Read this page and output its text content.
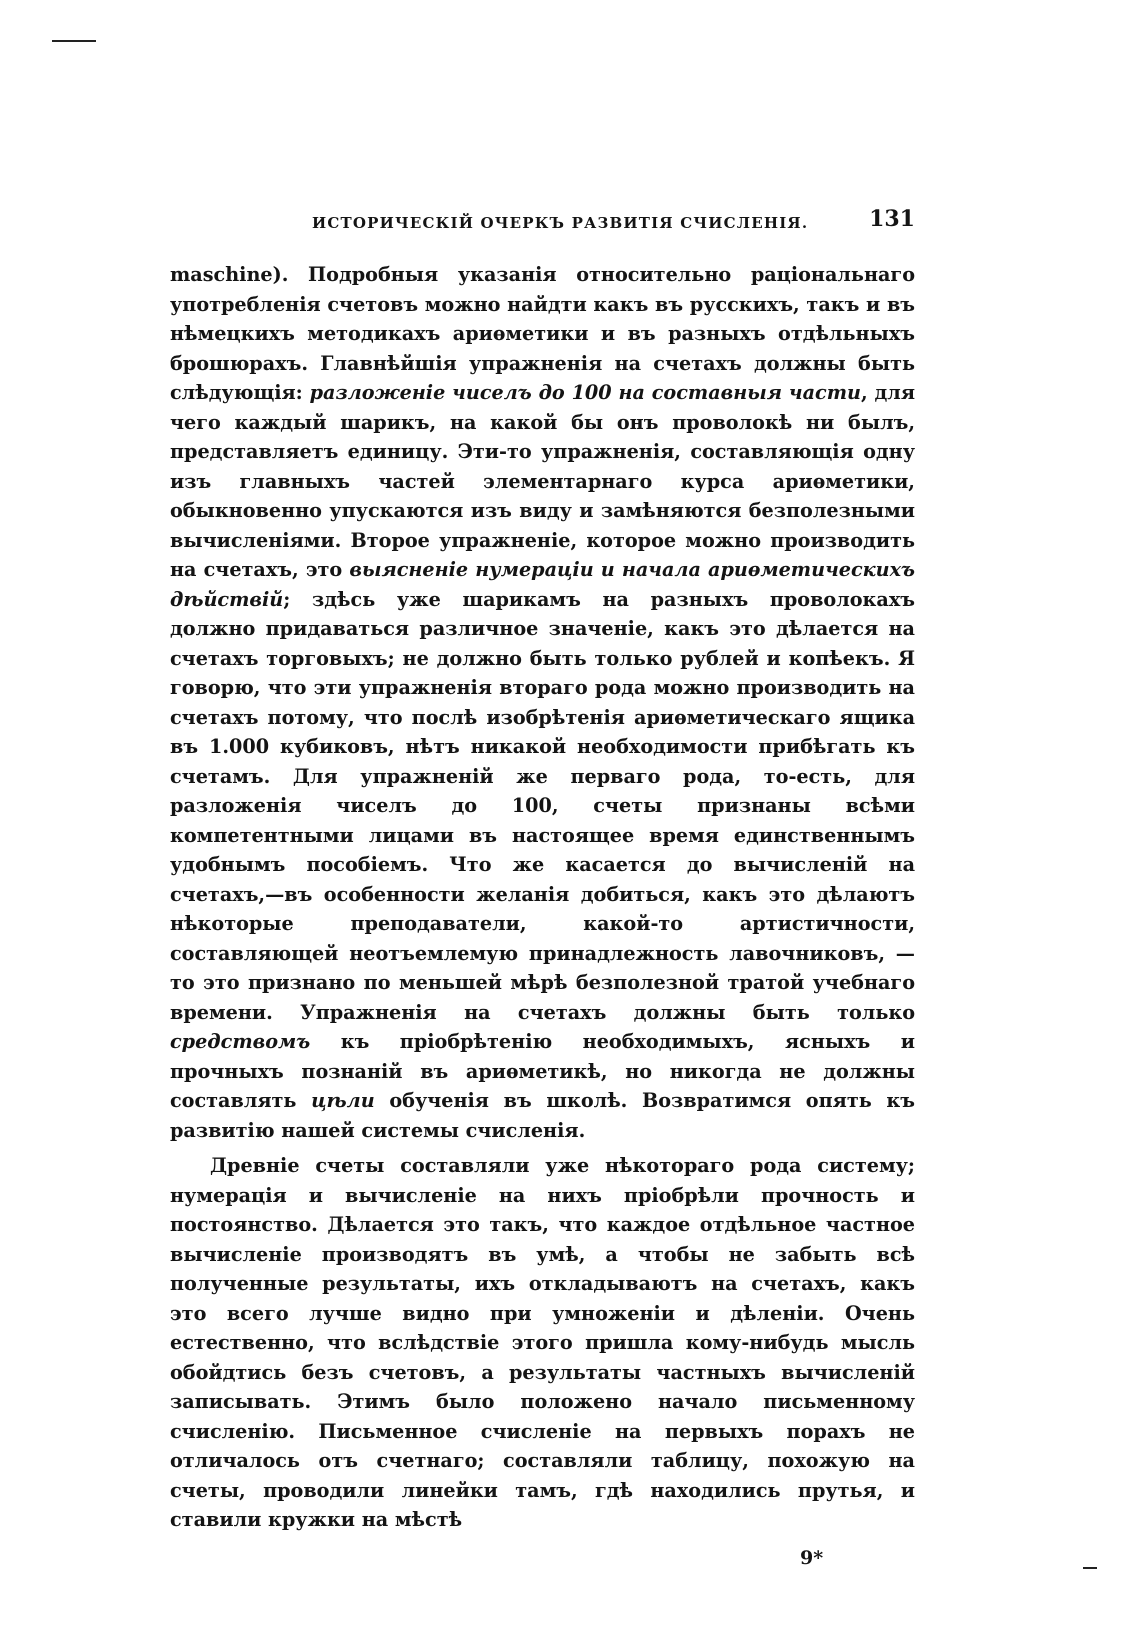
ИСТОРИЧЕСКІЙ ОЧЕРКЪ РАЗВИТІЯ СЧИСЛЕНІЯ.	131

maschine). Подробныя указанія относительно раціональнаго употребленія счетовъ можно найдти какъ въ русскихъ, такъ и въ нѣмецкихъ методикахъ ариѳметики и въ разныхъ отдѣльныхъ брошюрахъ. Главнѣйшія упражненія на счетахъ должны быть слѣдующія: разложеніе чиселъ до 100 на составныя части, для чего каждый шарикъ, на какой бы онъ проволокѣ ни былъ, представляетъ единицу. Эти-то упражненія, составляющія одну изъ главныхъ частей элементарнаго курса ариѳметики, обыкновенно упускаются изъ виду и замѣняются безполезными вычисленіями. Второе упражненіе, которое можно производить на счетахъ, это выясненіе нумераціи и начала ариѳметическихъ дѣйствій; здѣсь уже шарикамъ на разныхъ проволокахъ должно придаваться различное значеніе, какъ это дѣлается на счетахъ торговыхъ; не должно быть только рублей и копѣекъ. Я говорю, что эти упражненія втораго рода можно производить на счетахъ потому, что послѣ изобрѣтенія ариѳметическаго ящика въ 1.000 кубиковъ, нѣтъ никакой необходимости прибѣгать къ счетамъ. Для упражненій же перваго рода, то-есть, для разложенія чиселъ до 100, счеты признаны всѣми компетентными лицами въ настоящее время единственнымъ удобнымъ пособіемъ. Что же касается до вычисленій на счетахъ,—въ особенности желанія добиться, какъ это дѣлаютъ нѣкоторые преподаватели, какой-то артистичности, составляющей неотъемлемую принадлежность лавочниковъ, — то это признано по меньшей мѣрѣ безполезной тратой учебнаго времени. Упражненія на счетахъ должны быть только средствомъ къ пріобрѣтенію необходимыхъ, ясныхъ и прочныхъ познаній въ ариѳметикѣ, но никогда не должны составлять цѣли обученія въ школѣ. Возвратимся опять къ развитію нашей системы счисленія.

Древніе счеты составляли уже нѣкотораго рода систему; нумерація и вычисленіе на нихъ пріобрѣли прочность и постоянство. Дѣлается это такъ, что каждое отдѣльное частное вычисленіе производятъ въ умѣ, а чтобы не забыть всѣ полученные результаты, ихъ откладываютъ на счетахъ, какъ это всего лучше видно при умноженіи и дѣленіи. Очень естественно, что вслѣдствіе этого пришла кому-нибудь мысль обойдтись безъ счетовъ, а результаты частныхъ вычисленій записывать. Этимъ было положено начало письменному счисленію. Письменное счисленіе на первыхъ порахъ не отличалось отъ счетнаго; составляли таблицу, похожую на счеты, проводили линейки тамъ, гдѣ находились прутья, и ставили кружки на мѣстѣ

9*
